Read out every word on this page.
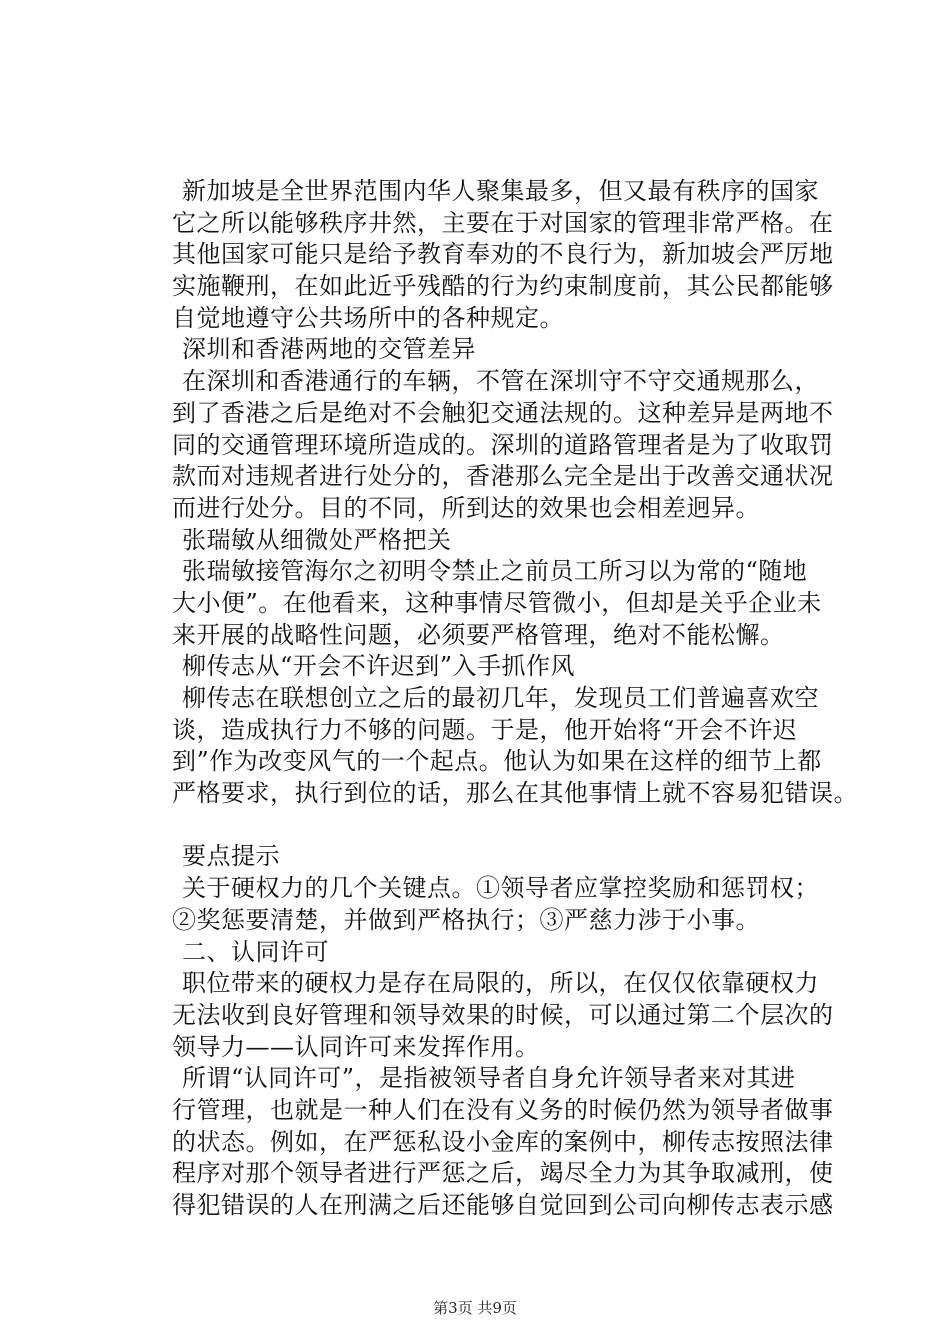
新加坡是全世界范围内华人聚集最多，但又最有秩序的国家
它之所以能够秩序井然，主要在于对国家的管理非常严格。在
其他国家可能只是给予教育奉劝的不良行为，新加坡会严厉地
实施鞭刑，在如此近乎残酷的行为约束制度前，其公民都能够
自觉地遵守公共场所中的各种规定。
深圳和香港两地的交管差异
在深圳和香港通行的车辆，不管在深圳守不守交通规那么，
到了香港之后是绝对不会触犯交通法规的。这种差异是两地不
同的交通管理环境所造成的。深圳的道路管理者是为了收取罚
款而对违规者进行处分的，香港那么完全是出于改善交通状况
而进行处分。目的不同，所到达的效果也会相差迥异。
张瑞敏从细微处严格把关
张瑞敏接管海尔之初明令禁止之前员工所习以为常的“随地
大小便”。在他看来，这种事情尽管微小，但却是关乎企业未
来开展的战略性问题，必须要严格管理，绝对不能松懈。
柳传志从“开会不许迟到”入手抓作风
柳传志在联想创立之后的最初几年，发现员工们普遍喜欢空
谈，造成执行力不够的问题。于是，他开始将“开会不许迟
到”作为改变风气的一个起点。他认为如果在这样的细节上都
严格要求，执行到位的话，那么在其他事情上就不容易犯错误。
要点提示
关于硬权力的几个关键点。①领导者应掌控奖励和惩罚权；
②奖惩要清楚，并做到严格执行；③严慈力涉于小事。
二、认同许可
职位带来的硬权力是存在局限的，所以，在仅仅依靠硬权力
无法收到良好管理和领导效果的时候，可以通过第二个层次的
领导力——认同许可来发挥作用。
所谓“认同许可”，是指被领导者自身允许领导者来对其进
行管理，也就是一种人们在没有义务的时候仍然为领导者做事
的状态。例如，在严惩私设小金库的案例中，柳传志按照法律
程序对那个领导者进行严惩之后，竭尽全力为其争取减刑，使
得犯错误的人在刑满之后还能够自觉回到公司向柳传志表示感
第3页 共9页
